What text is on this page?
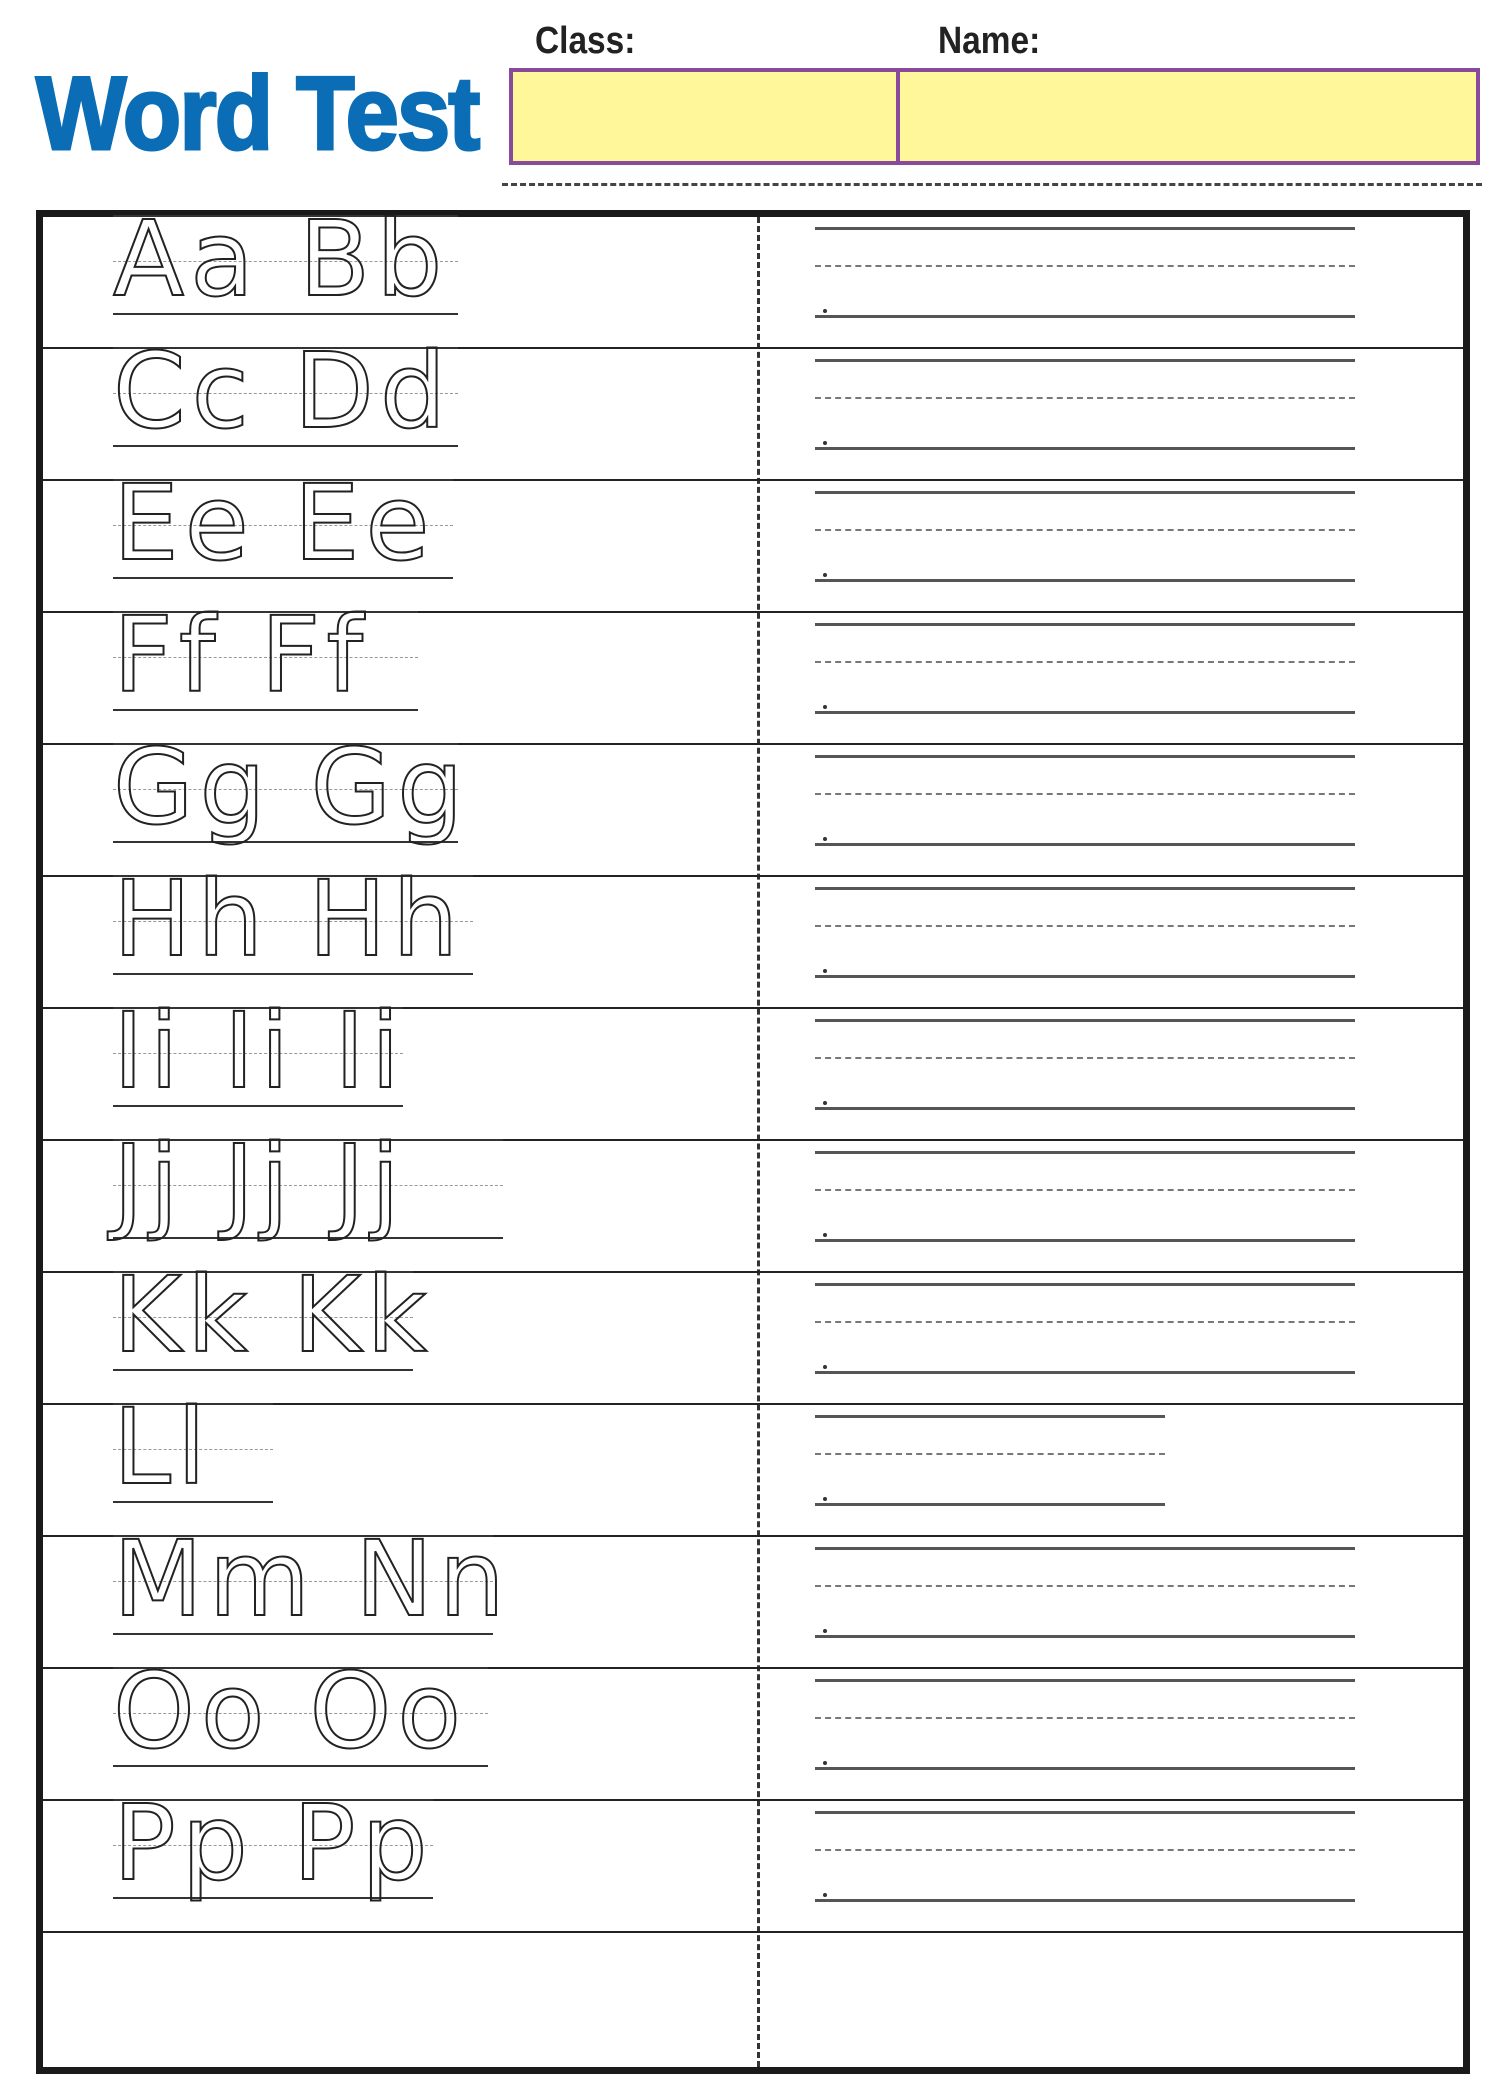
Word Test
Class:	Name:
Aa Bb
Cc Dd
Ee Ee
Ff Ff
Gg Gg
Hh Hh
Ii Ii Ii
Jj Jj Jj
Kk Kk
Ll
Mm Nn
Oo Oo
Pp Pp
